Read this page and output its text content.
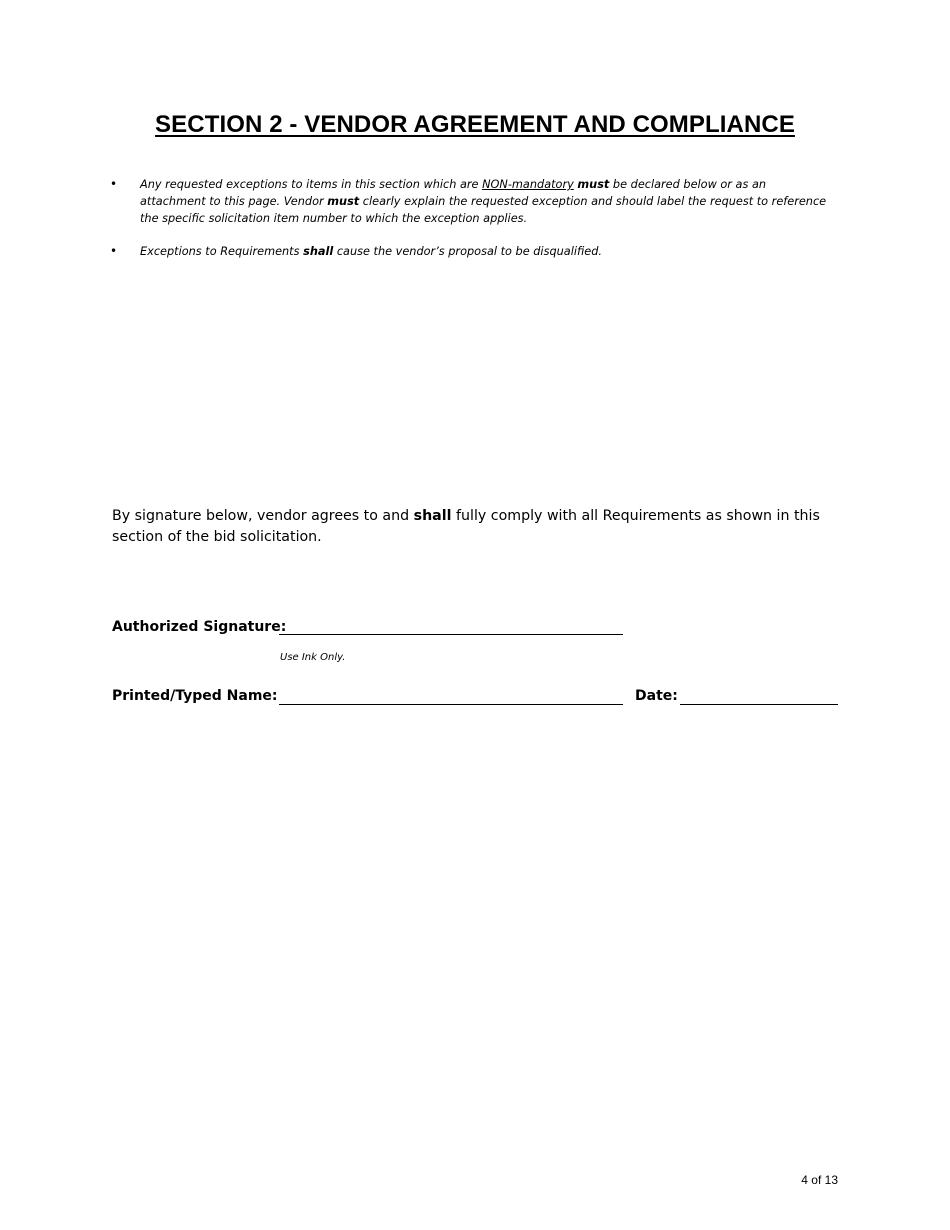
SECTION 2 - VENDOR AGREEMENT AND COMPLIANCE
• Any requested exceptions to items in this section which are NON-mandatory must be declared below or as an attachment to this page. Vendor must clearly explain the requested exception and should label the request to reference the specific solicitation item number to which the exception applies.
• Exceptions to Requirements shall cause the vendor’s proposal to be disqualified.
By signature below, vendor agrees to and shall fully comply with all Requirements as shown in this section of the bid solicitation.
Authorized Signature:
Use Ink Only.
Printed/Typed Name:	Date:
4 of 13
